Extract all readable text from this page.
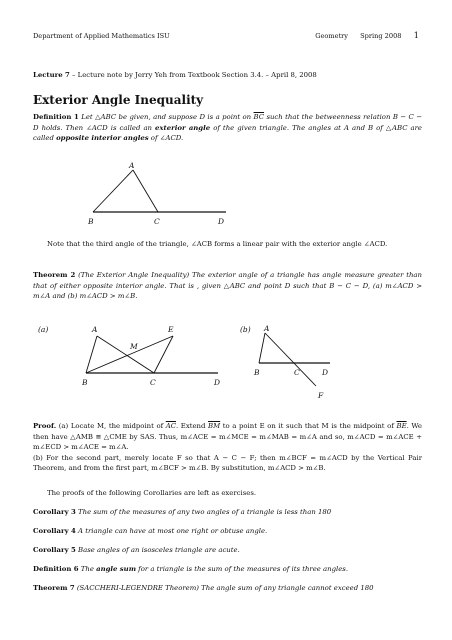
Department of Applied Mathematics ISU	Geometry Spring 2008 1
Lecture 7 – Lecture note by Jerry Yeh from Textbook Section 3.4. – April 8, 2008
Exterior Angle Inequality
Definition 1 Let △ABC be given, and suppose D is a point on $\overline{BC}$ such that the betweenness relation B − C − D holds. Then ∠ACD is called an exterior angle of the given triangle. The angles at A and B of △ABC are called opposite interior angles of ∠ACD.
A
B	C	D
Note that the third angle of the triangle, ∠ACB forms a linear pair with the exterior angle ∠ACD.
Theorem 2 (The Exterior Angle Inequality) The exterior angle of a triangle has angle measure greater than that of either opposite interior angle. That is , given △ABC and point D such that B − C − D, (a) m∠ACD > m∠A and (b) m∠ACD > m∠B.
(a)	A	E
M
B	C	D
(b) A
B	C	D
F
Proof. (a) Locate M, the midpoint of $\overline{AC}$. Extend $\overline{BM}$ to a point E on it such that M is the midpoint of $\overline{BE}$. We then have △AMB ≅ △CME by SAS. Thus, m∠ACE = m∠MCE = m∠MAB = m∠A and so, m∠ACD = m∠ACE + m∠ECD > m∠ACE = m∠A.
(b) For the second part, merely locate F so that A − C − F; then m∠BCF = m∠ACD by the Vertical Pair Theorem, and from the first part, m∠BCF > m∠B. By substitution, m∠ACD > m∠B.
The proofs of the following Corollaries are left as exercises.
Corollary 3 The sum of the measures of any two angles of a triangle is less than 180
Corollary 4 A triangle can have at most one right or obtuse angle.
Corollary 5 Base angles of an isosceles triangle are acute.
Definition 6 The angle sum for a triangle is the sum of the measures of its three angles.
Theorem 7 (SACCHERI-LEGENDRE Theorem) The angle sum of any triangle cannot exceed 180
